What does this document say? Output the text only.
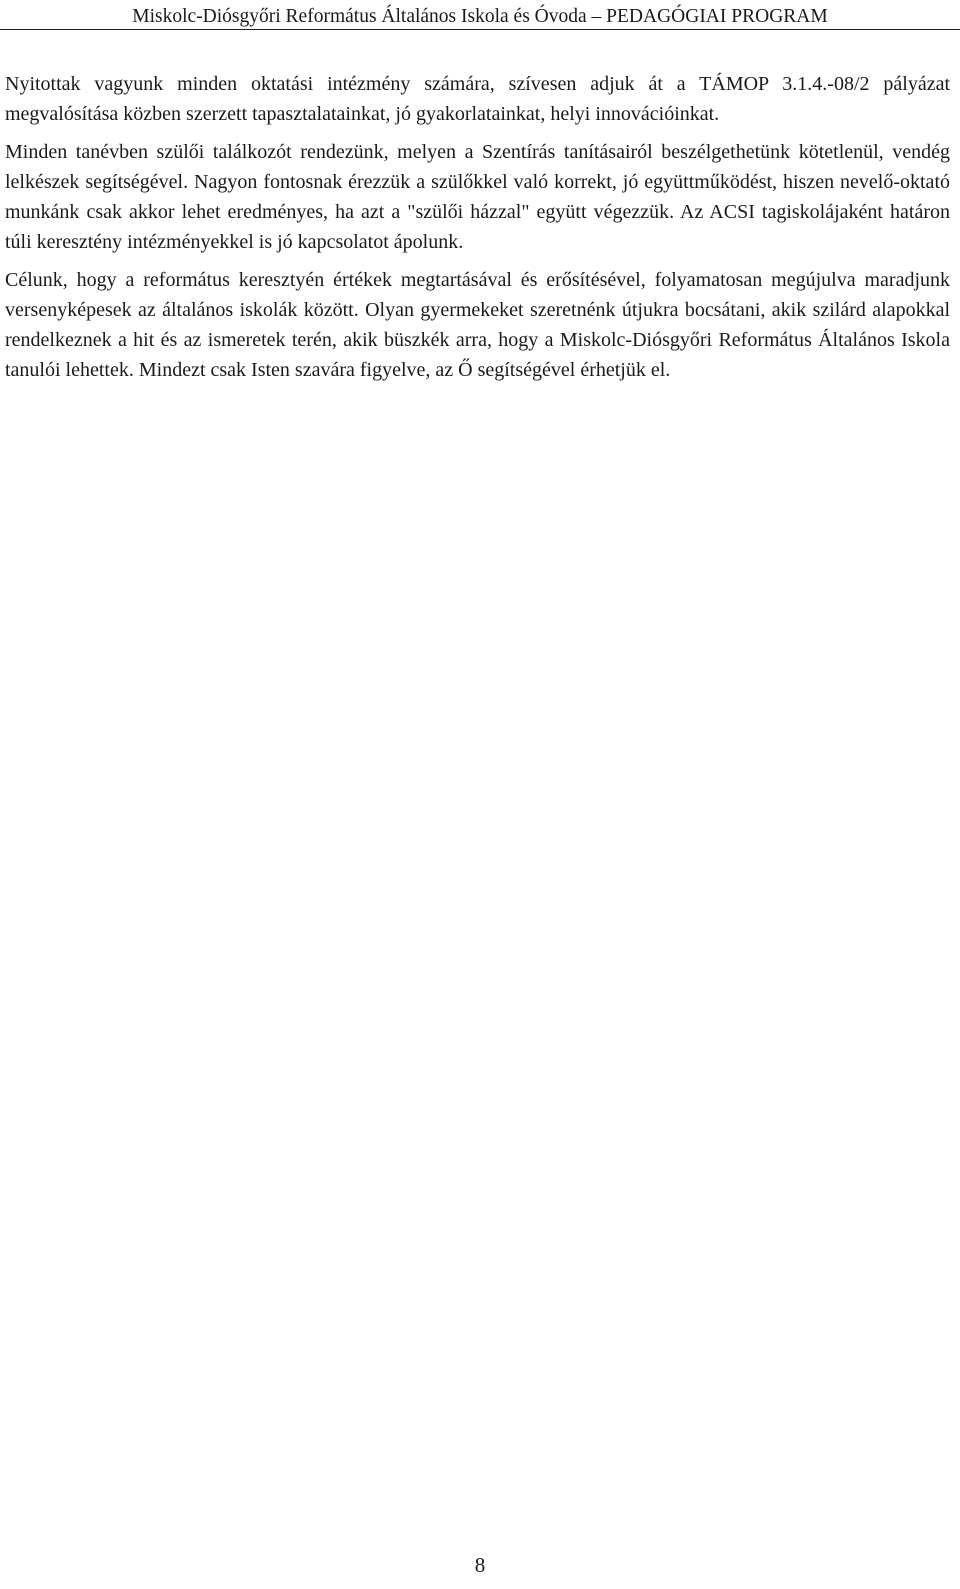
Miskolc-Diósgyőri Református Általános Iskola és Óvoda – PEDAGÓGIAI PROGRAM

Nyitottak vagyunk minden oktatási intézmény számára, szívesen adjuk át a TÁMOP 3.1.4.-08/2 pályázat megvalósítása közben szerzett tapasztalatainkat, jó gyakorlatainkat, helyi innovációinkat.

Minden tanévben szülői találkozót rendezünk, melyen a Szentírás tanításairól beszélgethetünk kötetlenül, vendég lelkészek segítségével. Nagyon fontosnak érezzük a szülőkkel való korrekt, jó együttműködést, hiszen nevelő-oktató munkánk csak akkor lehet eredményes, ha azt a "szülői házzal" együtt végezzük. Az ACSI tagiskolájaként határon túli keresztény intézményekkel is jó kapcsolatot ápolunk.

Célunk, hogy a református keresztyén értékek megtartásával és erősítésével, folyamatosan megújulva maradjunk versenyképesek az általános iskolák között. Olyan gyermekeket szeretnénk útjukra bocsátani, akik szilárd alapokkal rendelkeznek a hit és az ismeretek terén, akik büszkék arra, hogy a Miskolc-Diósgyőri Református Általános Iskola tanulói lehettek. Mindezt csak Isten szavára figyelve, az Ő segítségével érhetjük el.

8
